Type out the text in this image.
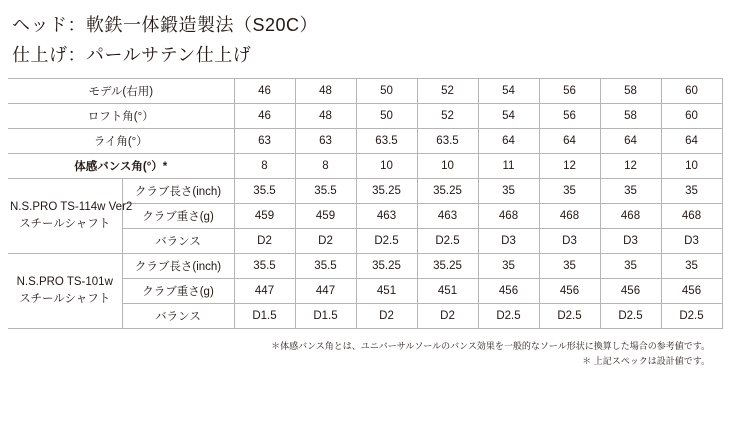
ヘッド：軟鉄一体鍛造製法（S20C）
仕上げ：パールサテン仕上げ
モデル(右用)		46	48	50	52	54	56	58	60
ロフト角(°）		46	48	50	52	54	56	58	60
ライ角(°）		63	63	63.5	63.5	64	64	64	64
体感バンス角(°）*		8	8	10	10	11	12	12	10

N.S.PRO TS-114w Ver2
スチールシャフト	クラブ長さ(inch)	35.5	35.5	35.25	35.25	35	35	35	35
	クラブ重さ(g)	459	459	463	463	468	468	468	468
	バランス	D2	D2	D2.5	D2.5	D3	D3	D3	D3

N.S.PRO TS-101w
スチールシャフト	クラブ長さ(inch)	35.5	35.5	35.25	35.25	35	35	35	35
	クラブ重さ(g)	447	447	451	451	456	456	456	456
	バランス	D1.5	D1.5	D2	D2	D2.5	D2.5	D2.5	D2.5
＊体感バンス角とは、ユニバーサルソールのバンス効果を一般的なソール形状に換算した場合の参考値です。
＊ 上記スペックは設計値です。
